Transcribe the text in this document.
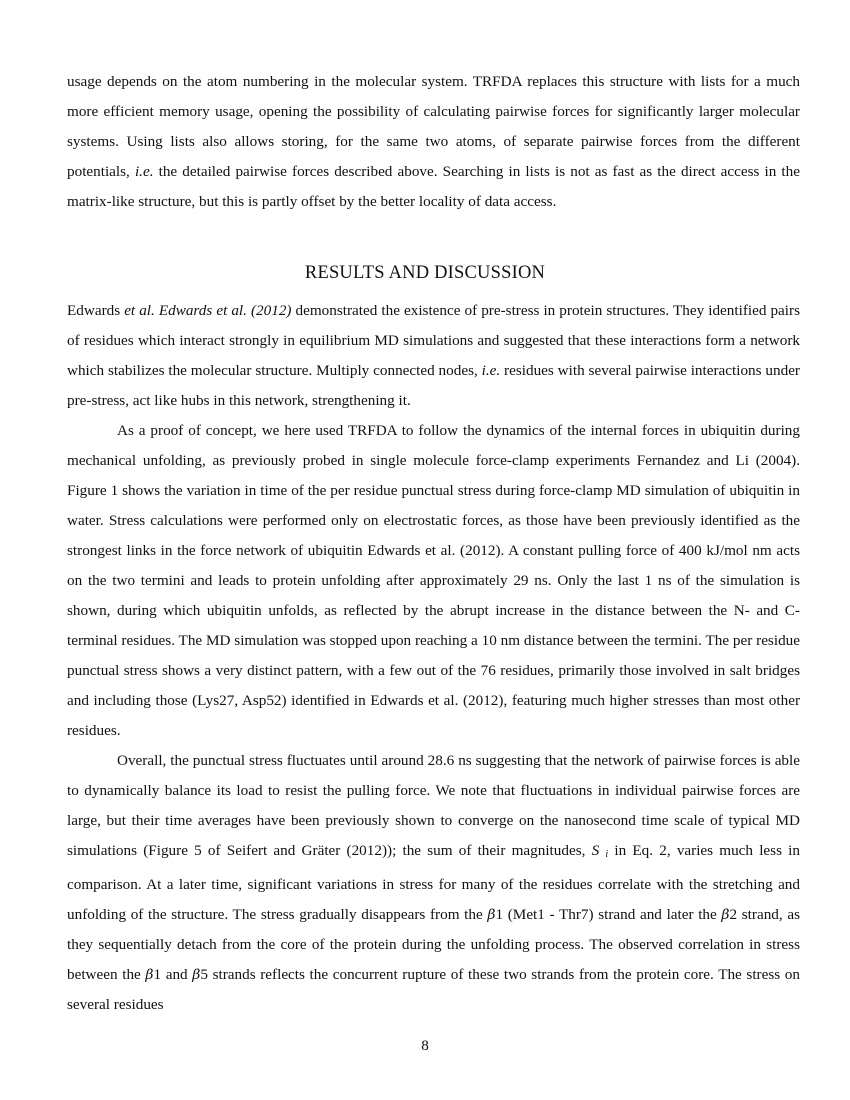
usage depends on the atom numbering in the molecular system. TRFDA replaces this structure with lists for a much more efficient memory usage, opening the possibility of calculating pairwise forces for significantly larger molecular systems. Using lists also allows storing, for the same two atoms, of separate pairwise forces from the different potentials, i.e. the detailed pairwise forces described above. Searching in lists is not as fast as the direct access in the matrix-like structure, but this is partly offset by the better locality of data access.

RESULTS AND DISCUSSION

Edwards et al. Edwards et al. (2012) demonstrated the existence of pre-stress in protein structures. They identified pairs of residues which interact strongly in equilibrium MD simulations and suggested that these interactions form a network which stabilizes the molecular structure. Multiply connected nodes, i.e. residues with several pairwise interactions under pre-stress, act like hubs in this network, strengthening it.

As a proof of concept, we here used TRFDA to follow the dynamics of the internal forces in ubiquitin during mechanical unfolding, as previously probed in single molecule force-clamp experiments Fernandez and Li (2004). Figure 1 shows the variation in time of the per residue punctual stress during force-clamp MD simulation of ubiquitin in water. Stress calculations were performed only on electrostatic forces, as those have been previously identified as the strongest links in the force network of ubiquitin Edwards et al. (2012). A constant pulling force of 400 kJ/mol nm acts on the two termini and leads to protein unfolding after approximately 29 ns. Only the last 1 ns of the simulation is shown, during which ubiquitin unfolds, as reflected by the abrupt increase in the distance between the N- and C-terminal residues. The MD simulation was stopped upon reaching a 10 nm distance between the termini. The per residue punctual stress shows a very distinct pattern, with a few out of the 76 residues, primarily those involved in salt bridges and including those (Lys27, Asp52) identified in Edwards et al. (2012), featuring much higher stresses than most other residues.

Overall, the punctual stress fluctuates until around 28.6 ns suggesting that the network of pairwise forces is able to dynamically balance its load to resist the pulling force. We note that fluctuations in individual pairwise forces are large, but their time averages have been previously shown to converge on the nanosecond time scale of typical MD simulations (Figure 5 of Seifert and Gräter (2012)); the sum of their magnitudes, S $_i$ in Eq. 2, varies much less in comparison. At a later time, significant variations in stress for many of the residues correlate with the stretching and unfolding of the structure. The stress gradually disappears from the β1 (Met1 - Thr7) strand and later the β2 strand, as they sequentially detach from the core of the protein during the unfolding process. The observed correlation in stress between the β1 and β5 strands reflects the concurrent rupture of these two strands from the protein core. The stress on several residues

8
